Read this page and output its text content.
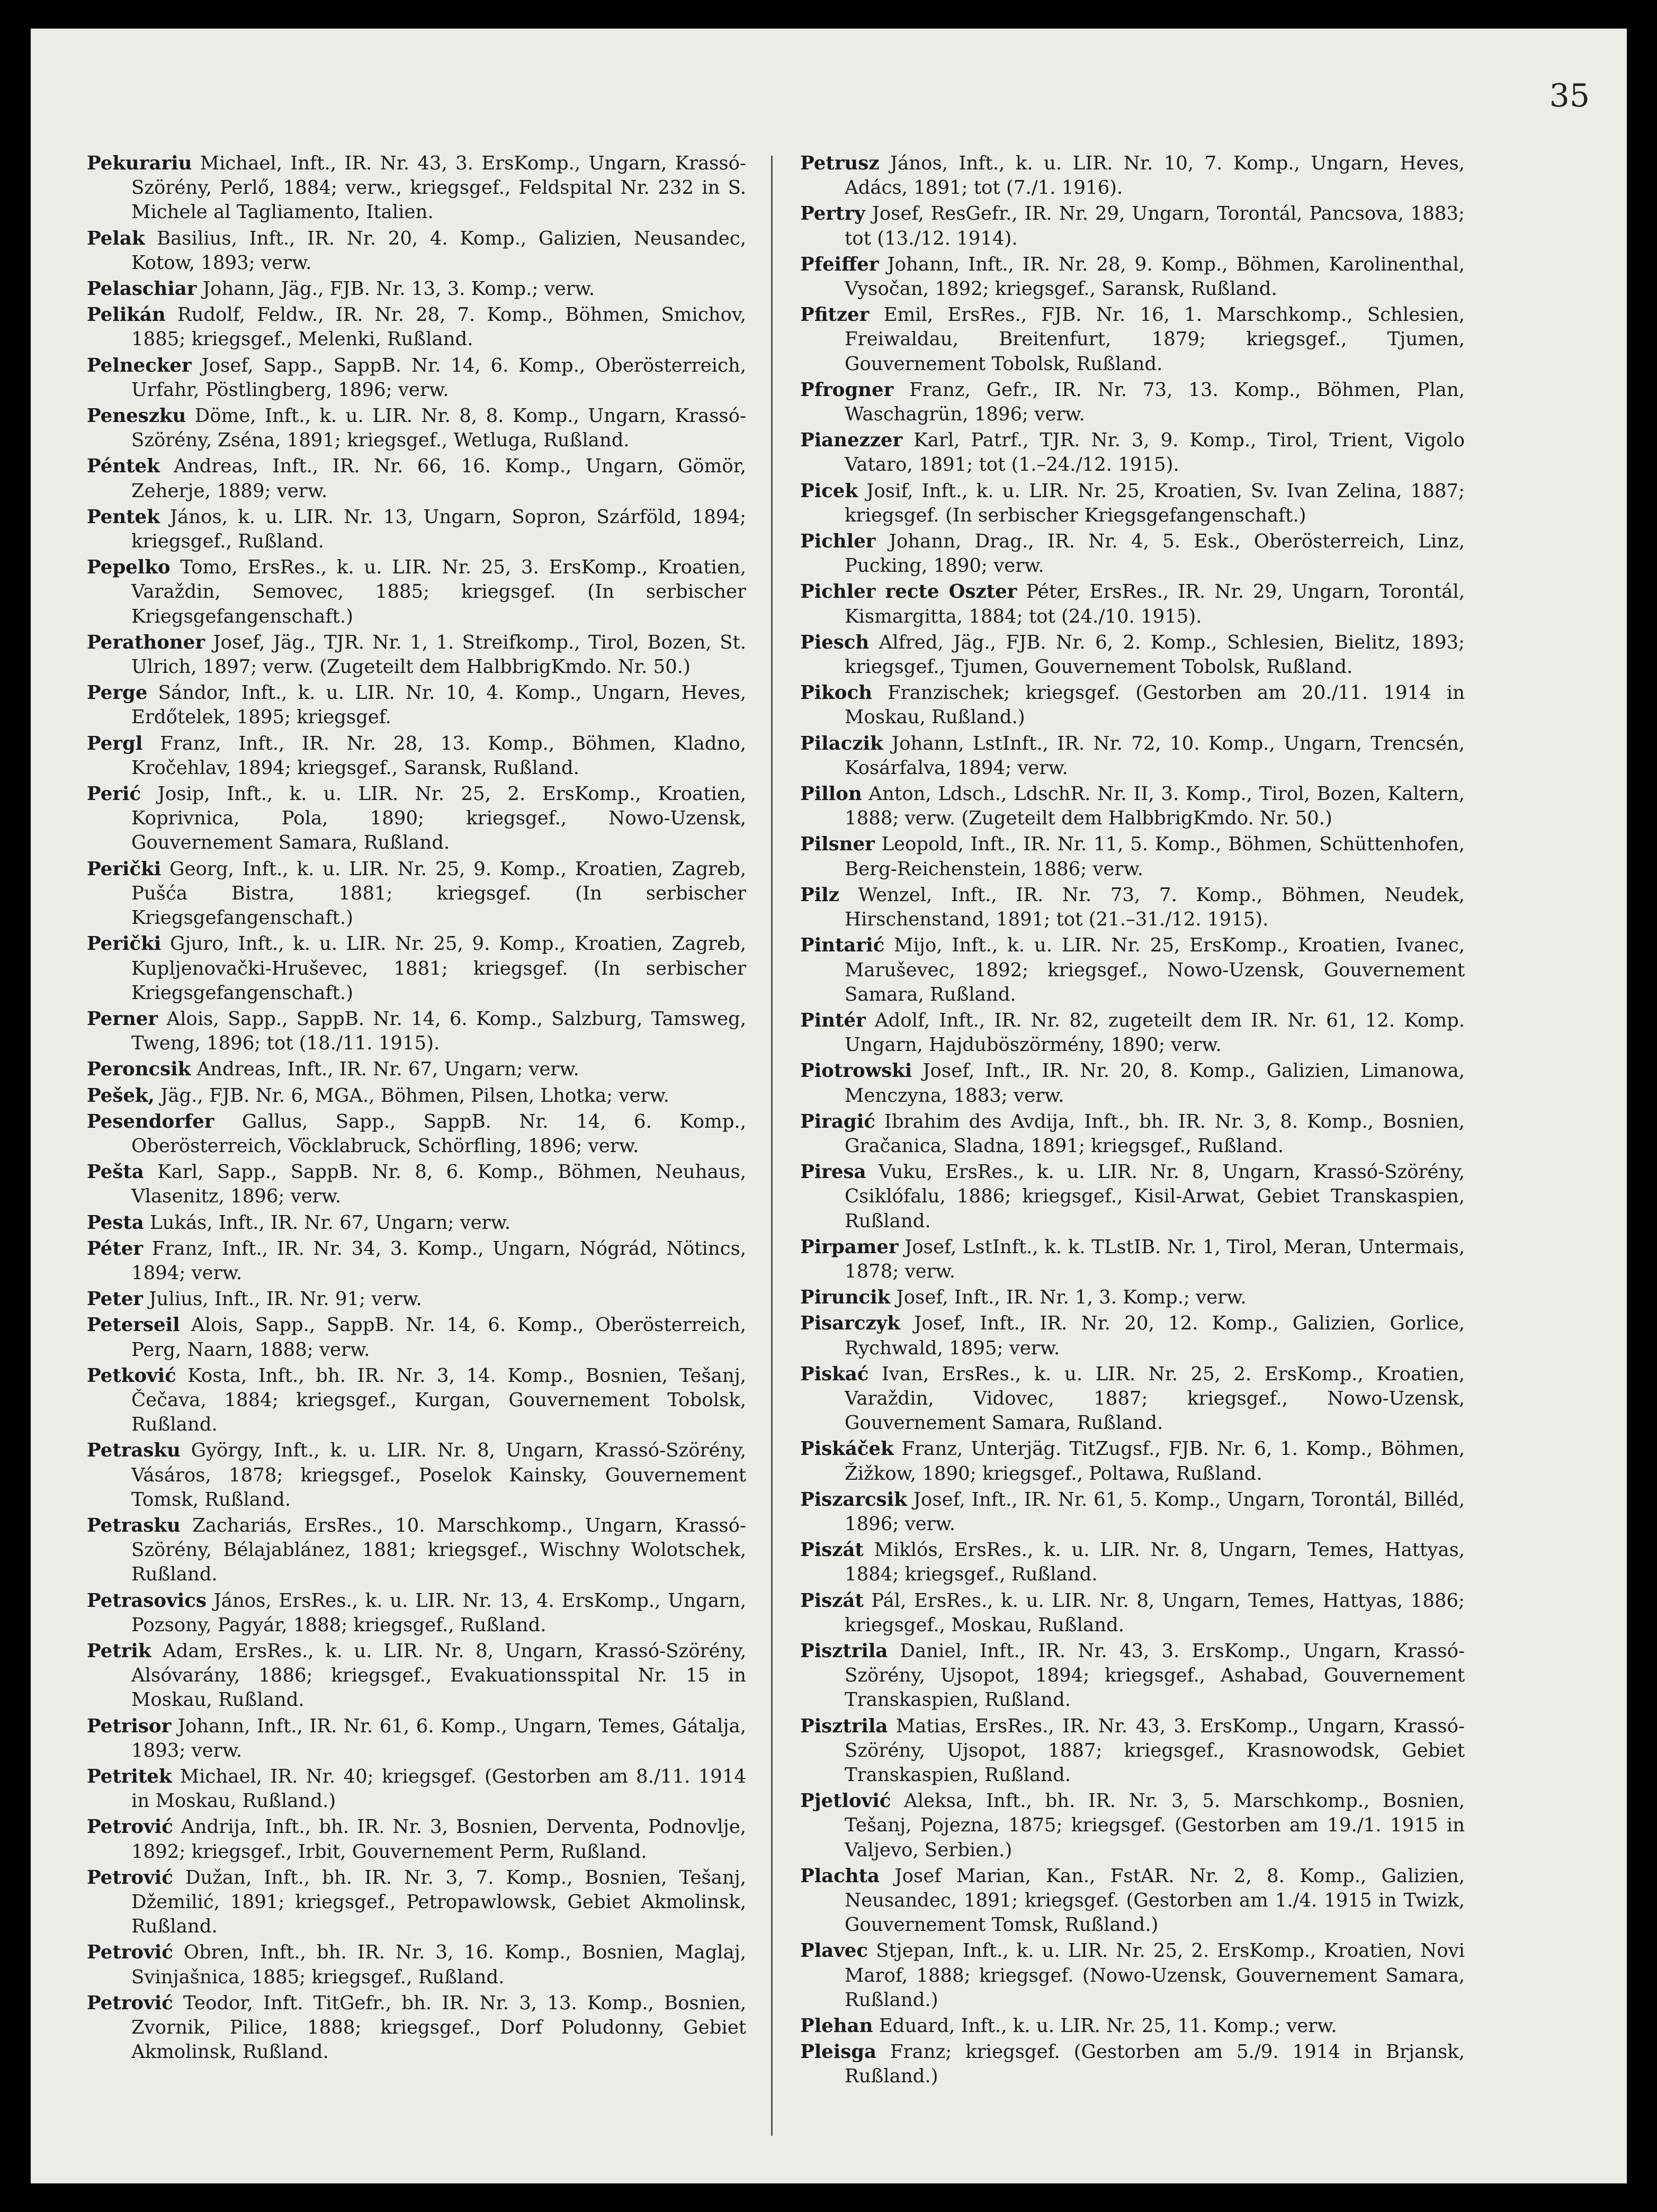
35

Pekurariu Michael, Inft., IR. Nr. 43, 3. ErsKomp., Ungarn, Krassó-Szörény, Perlő, 1884; verw., kriegsgef., Feldspital Nr. 232 in S. Michele al Tagliamento, Italien.

Pelak Basilius, Inft., IR. Nr. 20, 4. Komp., Galizien, Neusandec, Kotow, 1893; verw.

Pelaschiar Johann, Jäg., FJB. Nr. 13, 3. Komp.; verw.

Pelikán Rudolf, Feldw., IR. Nr. 28, 7. Komp., Böhmen, Smichov, 1885; kriegsgef., Melenki, Rußland.

Pelnecker Josef, Sapp., SappB. Nr. 14, 6. Komp., Oberösterreich, Urfahr, Pöstlingberg, 1896; verw.

Peneszku Döme, Inft., k. u. LIR. Nr. 8, 8. Komp., Ungarn, Krassó-Szörény, Zséna, 1891; kriegsgef., Wetluga, Rußland.

Péntek Andreas, Inft., IR. Nr. 66, 16. Komp., Ungarn, Gömör, Zeherje, 1889; verw.

Pentek János, k. u. LIR. Nr. 13, Ungarn, Sopron, Szárföld, 1894; kriegsgef., Rußland.

Pepelko Tomo, ErsRes., k. u. LIR. Nr. 25, 3. ErsKomp., Kroatien, Varaždin, Semovec, 1885; kriegsgef. (In serbischer Kriegsgefangenschaft.)

Perathoner Josef, Jäg., TJR. Nr. 1, 1. Streifkomp., Tirol, Bozen, St. Ulrich, 1897; verw. (Zugeteilt dem HalbbrigKmdo. Nr. 50.)

Perge Sándor, Inft., k. u. LIR. Nr. 10, 4. Komp., Ungarn, Heves, Erdőtelek, 1895; kriegsgef.

Pergl Franz, Inft., IR. Nr. 28, 13. Komp., Böhmen, Kladno, Kročehlav, 1894; kriegsgef., Saransk, Rußland.

Perić Josip, Inft., k. u. LIR. Nr. 25, 2. ErsKomp., Kroatien, Koprivnica, Pola, 1890; kriegsgef., Nowo-Uzensk, Gouvernement Samara, Rußland.

Perički Georg, Inft., k. u. LIR. Nr. 25, 9. Komp., Kroatien, Zagreb, Pušća Bistra, 1881; kriegsgef. (In serbischer Kriegsgefangenschaft.)

Perički Gjuro, Inft., k. u. LIR. Nr. 25, 9. Komp., Kroatien, Zagreb, Kupljenovački-Hruševec, 1881; kriegsgef. (In serbischer Kriegsgefangenschaft.)

Perner Alois, Sapp., SappB. Nr. 14, 6. Komp., Salzburg, Tamsweg, Tweng, 1896; tot (18./11. 1915).

Peroncsik Andreas, Inft., IR. Nr. 67, Ungarn; verw.

Pešek, Jäg., FJB. Nr. 6, MGA., Böhmen, Pilsen, Lhotka; verw.

Pesendorfer Gallus, Sapp., SappB. Nr. 14, 6. Komp., Oberösterreich, Vöcklabruck, Schörfling, 1896; verw.

Pešta Karl, Sapp., SappB. Nr. 8, 6. Komp., Böhmen, Neuhaus, Vlasenitz, 1896; verw.

Pesta Lukás, Inft., IR. Nr. 67, Ungarn; verw.

Péter Franz, Inft., IR. Nr. 34, 3. Komp., Ungarn, Nógrád, Nötincs, 1894; verw.

Peter Julius, Inft., IR. Nr. 91; verw.

Peterseil Alois, Sapp., SappB. Nr. 14, 6. Komp., Oberösterreich, Perg, Naarn, 1888; verw.

Petković Kosta, Inft., bh. IR. Nr. 3, 14. Komp., Bosnien, Tešanj, Čečava, 1884; kriegsgef., Kurgan, Gouvernement Tobolsk, Rußland.

Petrasku György, Inft., k. u. LIR. Nr. 8, Ungarn, Krassó-Szörény, Vásáros, 1878; kriegsgef., Poselok Kainsky, Gouvernement Tomsk, Rußland.

Petrasku Zachariás, ErsRes., 10. Marschkomp., Ungarn, Krassó-Szörény, Bélajablánez, 1881; kriegsgef., Wischny Wolotschek, Rußland.

Petrasovics János, ErsRes., k. u. LIR. Nr. 13, 4. ErsKomp., Ungarn, Pozsony, Pagyár, 1888; kriegsgef., Rußland.

Petrik Adam, ErsRes., k. u. LIR. Nr. 8, Ungarn, Krassó-Szörény, Alsóvarány, 1886; kriegsgef., Evakuationsspital Nr. 15 in Moskau, Rußland.

Petrisor Johann, Inft., IR. Nr. 61, 6. Komp., Ungarn, Temes, Gátalja, 1893; verw.

Petritek Michael, IR. Nr. 40; kriegsgef. (Gestorben am 8./11. 1914 in Moskau, Rußland.)

Petrović Andrija, Inft., bh. IR. Nr. 3, Bosnien, Derventa, Podnovlje, 1892; kriegsgef., Irbit, Gouvernement Perm, Rußland.

Petrović Dužan, Inft., bh. IR. Nr. 3, 7. Komp., Bosnien, Tešanj, Džemilić, 1891; kriegsgef., Petropawlowsk, Gebiet Akmolinsk, Rußland.

Petrović Obren, Inft., bh. IR. Nr. 3, 16. Komp., Bosnien, Maglaj, Svinjašnica, 1885; kriegsgef., Rußland.

Petrović Teodor, Inft. TitGefr., bh. IR. Nr. 3, 13. Komp., Bosnien, Zvornik, Pilice, 1888; kriegsgef., Dorf Poludonny, Gebiet Akmolinsk, Rußland.

Petrusz János, Inft., k. u. LIR. Nr. 10, 7. Komp., Ungarn, Heves, Adács, 1891; tot (7./1. 1916).

Pertry Josef, ResGefr., IR. Nr. 29, Ungarn, Torontál, Pancsova, 1883; tot (13./12. 1914).

Pfeiffer Johann, Inft., IR. Nr. 28, 9. Komp., Böhmen, Karolinenthal, Vysočan, 1892; kriegsgef., Saransk, Rußland.

Pfitzer Emil, ErsRes., FJB. Nr. 16, 1. Marschkomp., Schlesien, Freiwaldau, Breitenfurt, 1879; kriegsgef., Tjumen, Gouvernement Tobolsk, Rußland.

Pfrogner Franz, Gefr., IR. Nr. 73, 13. Komp., Böhmen, Plan, Waschagrün, 1896; verw.

Pianezzer Karl, Patrf., TJR. Nr. 3, 9. Komp., Tirol, Trient, Vigolo Vataro, 1891; tot (1.–24./12. 1915).

Picek Josif, Inft., k. u. LIR. Nr. 25, Kroatien, Sv. Ivan Zelina, 1887; kriegsgef. (In serbischer Kriegsgefangenschaft.)

Pichler Johann, Drag., IR. Nr. 4, 5. Esk., Oberösterreich, Linz, Pucking, 1890; verw.

Pichler recte Oszter Péter, ErsRes., IR. Nr. 29, Ungarn, Torontál, Kismargitta, 1884; tot (24./10. 1915).

Piesch Alfred, Jäg., FJB. Nr. 6, 2. Komp., Schlesien, Bielitz, 1893; kriegsgef., Tjumen, Gouvernement Tobolsk, Rußland.

Pikoch Franzischek; kriegsgef. (Gestorben am 20./11. 1914 in Moskau, Rußland.)

Pilaczik Johann, LstInft., IR. Nr. 72, 10. Komp., Ungarn, Trencsén, Kosárfalva, 1894; verw.

Pillon Anton, Ldsch., LdschR. Nr. II, 3. Komp., Tirol, Bozen, Kaltern, 1888; verw. (Zugeteilt dem HalbbrigKmdo. Nr. 50.)

Pilsner Leopold, Inft., IR. Nr. 11, 5. Komp., Böhmen, Schüttenhofen, Berg-Reichenstein, 1886; verw.

Pilz Wenzel, Inft., IR. Nr. 73, 7. Komp., Böhmen, Neudek, Hirschenstand, 1891; tot (21.–31./12. 1915).

Pintarić Mijo, Inft., k. u. LIR. Nr. 25, ErsKomp., Kroatien, Ivanec, Maruševec, 1892; kriegsgef., Nowo-Uzensk, Gouvernement Samara, Rußland.

Pintér Adolf, Inft., IR. Nr. 82, zugeteilt dem IR. Nr. 61, 12. Komp. Ungarn, Hajduböszörmény, 1890; verw.

Piotrowski Josef, Inft., IR. Nr. 20, 8. Komp., Galizien, Limanowa, Menczyna, 1883; verw.

Piragić Ibrahim des Avdija, Inft., bh. IR. Nr. 3, 8. Komp., Bosnien, Gračanica, Sladna, 1891; kriegsgef., Rußland.

Piresa Vuku, ErsRes., k. u. LIR. Nr. 8, Ungarn, Krassó-Szörény, Csiklófalu, 1886; kriegsgef., Kisil-Arwat, Gebiet Transkaspien, Rußland.

Pirpamer Josef, LstInft., k. k. TLstIB. Nr. 1, Tirol, Meran, Untermais, 1878; verw.

Piruncik Josef, Inft., IR. Nr. 1, 3. Komp.; verw.

Pisarczyk Josef, Inft., IR. Nr. 20, 12. Komp., Galizien, Gorlice, Rychwald, 1895; verw.

Piskać Ivan, ErsRes., k. u. LIR. Nr. 25, 2. ErsKomp., Kroatien, Varaždin, Vidovec, 1887; kriegsgef., Nowo-Uzensk, Gouvernement Samara, Rußland.

Piskáček Franz, Unterjäg. TitZugsf., FJB. Nr. 6, 1. Komp., Böhmen, Žižkow, 1890; kriegsgef., Poltawa, Rußland.

Piszarcsik Josef, Inft., IR. Nr. 61, 5. Komp., Ungarn, Torontál, Billéd, 1896; verw.

Piszát Miklós, ErsRes., k. u. LIR. Nr. 8, Ungarn, Temes, Hattyas, 1884; kriegsgef., Rußland.

Piszát Pál, ErsRes., k. u. LIR. Nr. 8, Ungarn, Temes, Hattyas, 1886; kriegsgef., Moskau, Rußland.

Pisztrila Daniel, Inft., IR. Nr. 43, 3. ErsKomp., Ungarn, Krassó-Szörény, Ujsopot, 1894; kriegsgef., Ashabad, Gouvernement Transkaspien, Rußland.

Pisztrila Matias, ErsRes., IR. Nr. 43, 3. ErsKomp., Ungarn, Krassó-Szörény, Ujsopot, 1887; kriegsgef., Krasnowodsk, Gebiet Transkaspien, Rußland.

Pjetlović Aleksa, Inft., bh. IR. Nr. 3, 5. Marschkomp., Bosnien, Tešanj, Pojezna, 1875; kriegsgef. (Gestorben am 19./1. 1915 in Valjevo, Serbien.)

Plachta Josef Marian, Kan., FstAR. Nr. 2, 8. Komp., Galizien, Neusandec, 1891; kriegsgef. (Gestorben am 1./4. 1915 in Twizk, Gouvernement Tomsk, Rußland.)

Plavec Stjepan, Inft., k. u. LIR. Nr. 25, 2. ErsKomp., Kroatien, Novi Marof, 1888; kriegsgef. (Nowo-Uzensk, Gouvernement Samara, Rußland.)

Plehan Eduard, Inft., k. u. LIR. Nr. 25, 11. Komp.; verw.

Pleisga Franz; kriegsgef. (Gestorben am 5./9. 1914 in Brjansk, Rußland.)
